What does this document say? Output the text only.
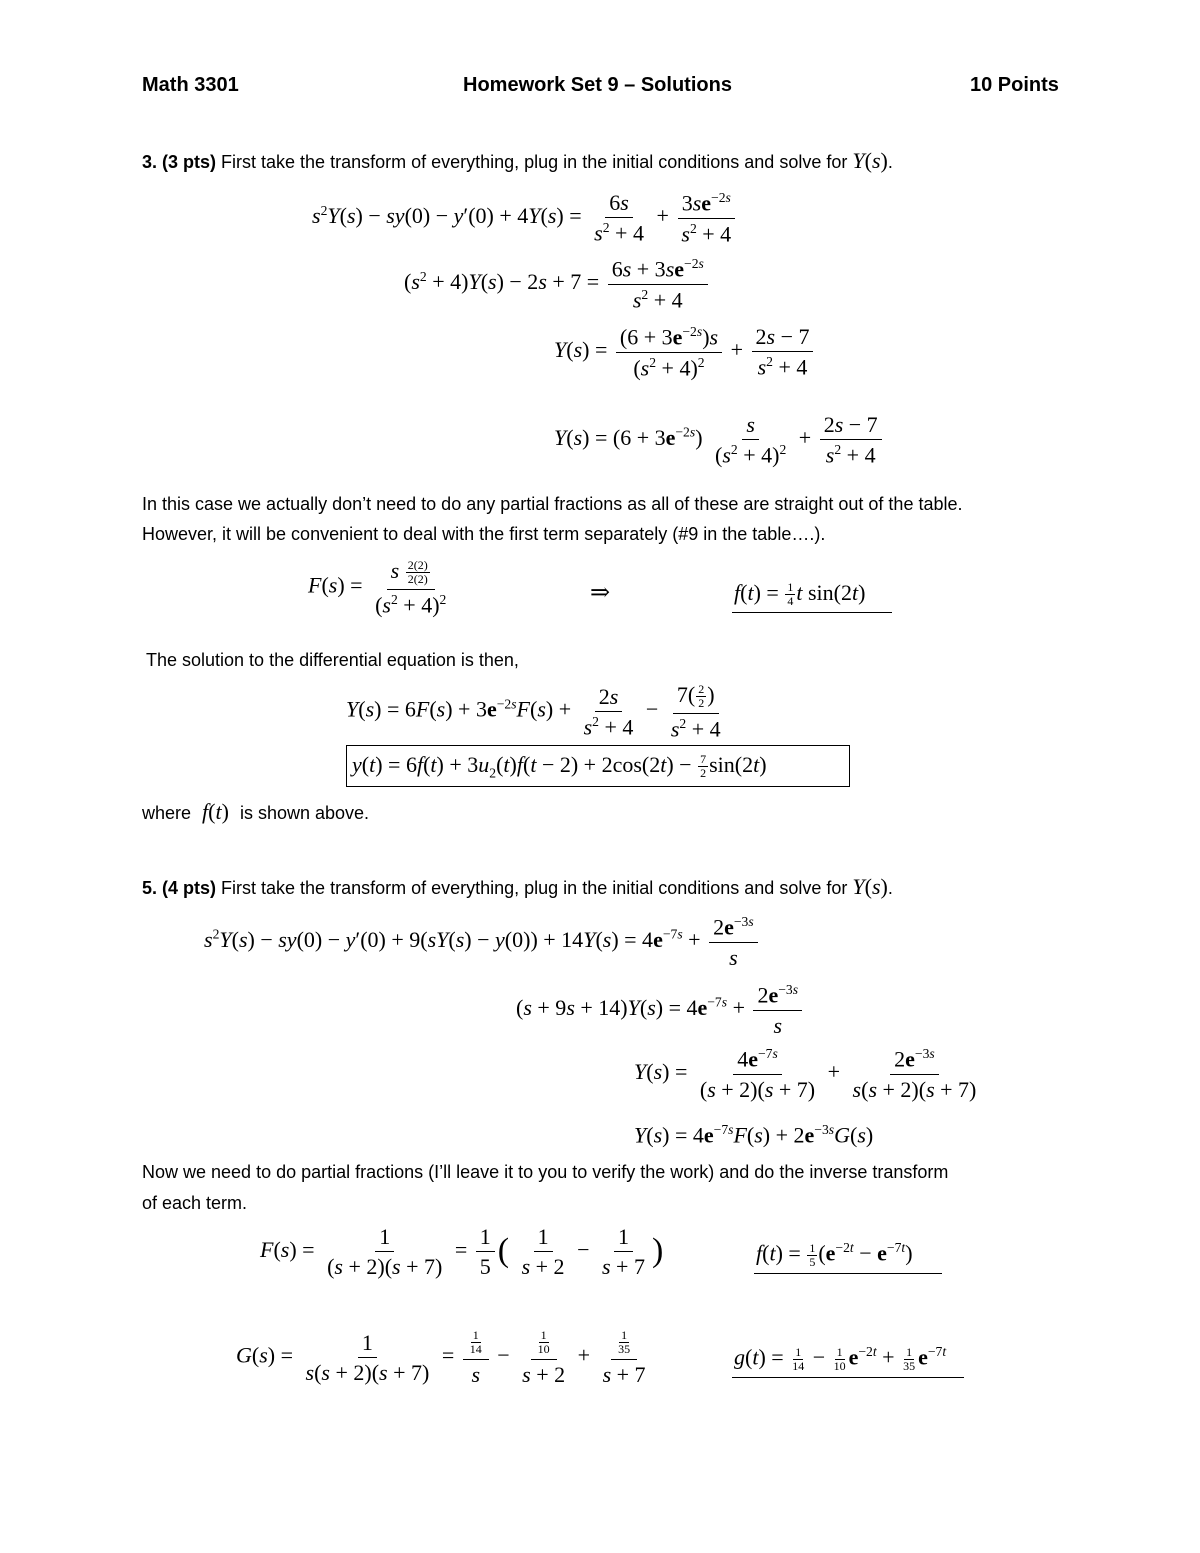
Math 3301	Homework Set 9 – Solutions	10 Points
3. (3 pts) First take the transform of everything, plug in the initial conditions and solve for Y(s).
$s^2Y(s) - sy(0) - y'(0) + 4Y(s) = \frac{6s}{s^2 + 4} + \frac{3se^{-2s}}{s^2 + 4}$
$(s^2 + 4)Y(s) - 2s + 7 = \frac{6s + 3se^{-2s}}{s^2 + 4}$
$Y(s) = \frac{(6 + 3e^{-2s})s}{(s^2 + 4)^2} + \frac{2s - 7}{s^2 + 4}$
$Y(s) = (6 + 3e^{-2s}) \frac{s}{(s^2 + 4)^2} + \frac{2s - 7}{s^2 + 4}$
In this case we actually don’t need to do any partial fractions as all of these are straight out of the table.
However, it will be convenient to deal with the first term separately (#9 in the table….).
$F(s) = \frac{s \frac{2(2)}{2(2)}}{(s^2 + 4)^2}$	⇒	$f(t) = \frac{1}{4}$ t sin(2t)
The solution to the differential equation is then,
$Y(s) = 6F(s) + 3e^{-2s}F(s) + \frac{2s}{s^2 + 4} - \frac{7( \frac{2}{2} )}{s^2 + 4}$
$y(t) = 6f(t) + 3u_2(t)f(t - 2) + 2\cos(2t) - \frac{7}{2} \sin(2t)$
where f(t) is shown above.
5. (4 pts) First take the transform of everything, plug in the initial conditions and solve for Y(s).
$s^2Y(s) - sy(0) - y'(0) + 9(sY(s) - y(0)) + 14Y(s) = 4e^{-7s} + \frac{2e^{-3s}}{s}$
$(s + 9s + 14)Y(s) = 4e^{-7s} + \frac{2e^{-3s}}{s}$
$Y(s) = \frac{4e^{-7s}}{(s + 2)(s + 7)} + \frac{2e^{-3s}}{s(s + 2)(s + 7)}$
$Y(s) = 4e^{-7s}F(s) + 2e^{-3s}G(s)$
Now we need to do partial fractions (I’ll leave it to you to verify the work) and do the inverse transform
of each term.
$F(s) = \frac{1}{(s + 2)(s + 7)} = \frac{1}{5}$ ( $\frac{1}{s + 2} - \frac{1}{s + 7}$ )	$f(t) = \frac{1}{5} (e^{-2t} - e^{-7t})$
$G(s) = \frac{1}{s(s + 2)(s + 7)} = \frac{\frac{1}{14}}{s} - \frac{\frac{1}{10}}{s + 2} + \frac{\frac{1}{35}}{s + 7}$	$g(t) = \frac{1}{14} - \frac{1}{10} e^{-2t} + \frac{1}{35} e^{-7t}$
